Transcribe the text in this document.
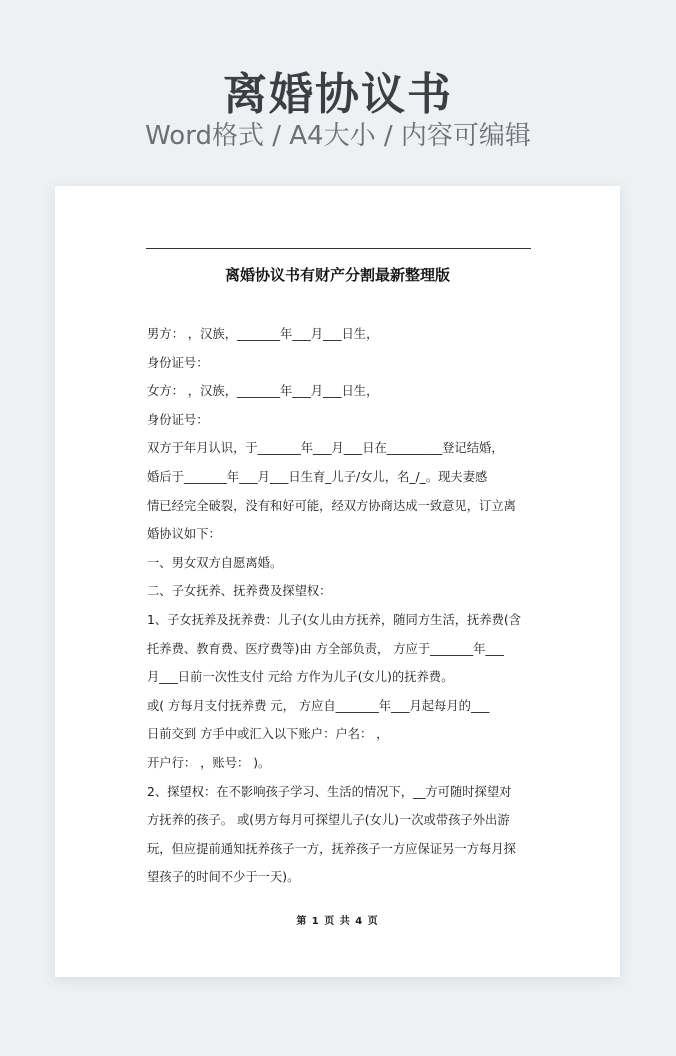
离婚协议书
Word格式 / A4大小 / 内容可编辑
离婚协议书有财产分割最新整理版
男方： ，汉族，_______年___月___日生，
身份证号：
女方： ，汉族，_______年___月___日生，
身份证号：
双方于年月认识，于_______年___月___日在_________登记结婚，
婚后于_______年___月___日生育_儿子/女儿，名_/_。现夫妻感
情已经完全破裂，没有和好可能，经双方协商达成一致意见，订立离
婚协议如下：
一、男女双方自愿离婚。
二、子女抚养、抚养费及探望权：
1、子女抚养及抚养费：儿子(女儿由方抚养，随同方生活，抚养费(含
托养费、教育费、医疗费等)由 方全部负责， 方应于_______年___
月___日前一次性支付 元给 方作为儿子(女儿)的抚养费。
或( 方每月支付抚养费 元， 方应自_______年___月起每月的___
日前交到 方手中或汇入以下账户：户名： ，
开户行： ，账号： )。
2、探望权：在不影响孩子学习、生活的情况下，__方可随时探望对
方抚养的孩子。 或(男方每月可探望儿子(女儿)一次或带孩子外出游
玩，但应提前通知抚养孩子一方，抚养孩子一方应保证另一方每月探
望孩子的时间不少于一天)。
第 1 页 共 4 页
